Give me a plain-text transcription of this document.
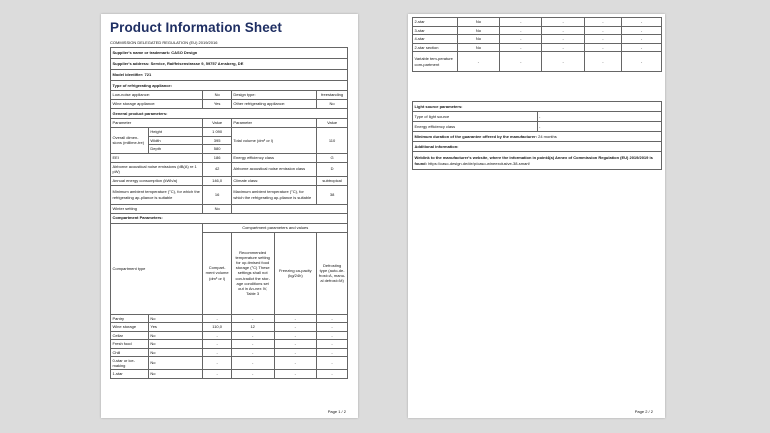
Product Information Sheet
COMMISSION DELEGATED REGULATION (EU) 2019/2016
Supplier's name or trademark: CASO Design					
Supplier's address: Service, Raiffeisenstrasse 9, 59757 Arnsberg, DE					
Model identifier: 721					
Type of refrigerating appliance:					
Low-noise appliance:		No	Design type:		freestanding
Wine storage appliance:		Yes	Other refrigerating appliance:		No
General product parameters:					
Parameter		Value	Parameter		Value
Overall dimen-sions (millime-tre)	Height	1 090	Total volume (dm³ or l)		110
	Width	395			
	Depth	580			
EEI		186	Energy efficiency class		G
Airborne acoustical noise emissions (dB(A) re 1 pW)		42	Airborne acoustical noise emission class		D
Annual energy consumption (kWh/a)		146,0	Climate class:		subtropical
Minimum ambient temperature (°C), for which the refrigerating ap-pliance is suitable		16	Maximum ambient temperature (°C), for which the refrigerating ap-pliance is suitable		38
Winter setting		No			
Compartment Parameters:					
Compartment type		Compartment parameters and values			
		Compart-ment volume (dm³ or l)	Recommended temperature setting for op-timised food storage (°C) These settings shall not con-tradict the stor-age conditions set out in An-nex IV, Table 3	Freezing ca-pacity (kg/24h)	Defrosting type (auto-de-frost=A, manu-al defrost=M)
Pantry	No	-	-	-	-
Wine storage	Yes	110,0	12	-	-
Cellar	No	-	-	-	-
Fresh food	No	-	-	-	-
Chill	No	-	-	-	-
0-star or ice-making	No	-	-	-	-
1-star	No	-	-	-	-
Page 1 / 2
2-star	No	-	-	-	-
3-star	No	-	-	-	-
4-star	No	-	-	-	-
2-star section	No	-	-	-	-
Variable tem-perature com-partment	-	-	-	-	-
Light source parameters:	
Type of light source	-
Energy efficiency class	-
Minimum duration of the guarantee offered by the manufacturer: 24 months	
Additional information:	
Weblink to the manufacturer's website, where the information in point4(a) Annex of Commission Regulation (EU) 2019/2019 is found: https://caso-design.de/de/p/caso-wineexclusive-38-smart/	
Page 2 / 2
